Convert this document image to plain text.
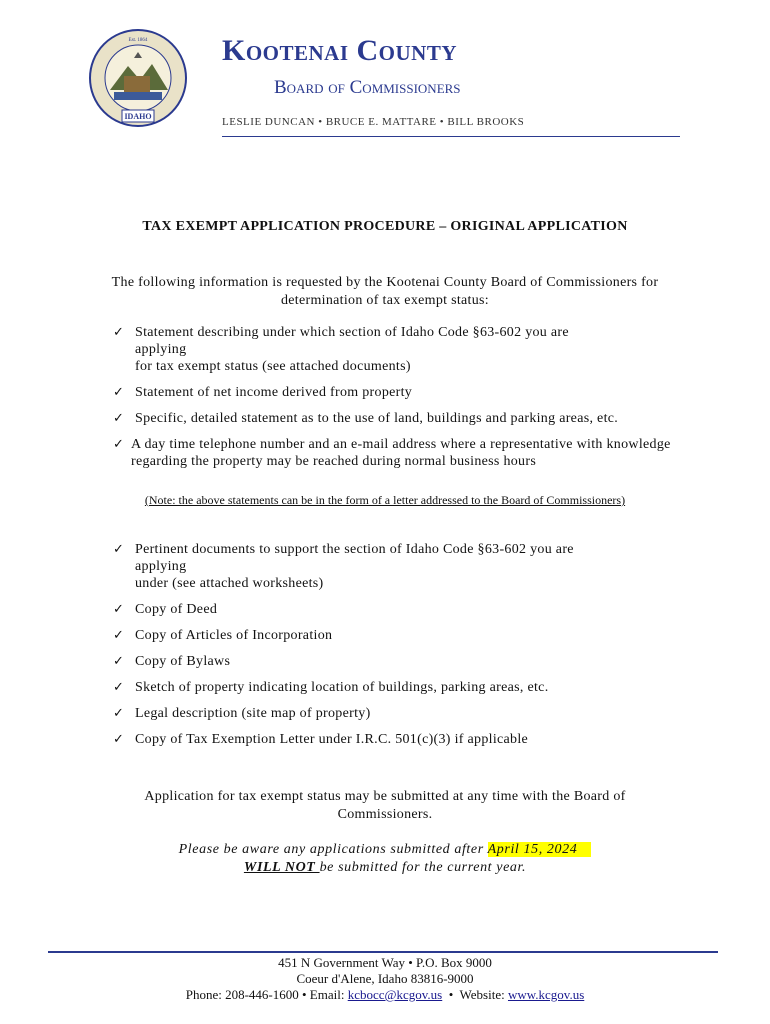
IDAHO
Est. 1864 Kootenai County
Board of Commissioners
LESLIE DUNCAN • BRUCE E. MATTARE • BILL BROOKS
TAX EXEMPT APPLICATION PROCEDURE – ORIGINAL APPLICATION
The following information is requested by the Kootenai County Board of Commissioners for determination of tax exempt status:
✓ Statement describing under which section of Idaho Code §63-602 you are
applying
for tax exempt status (see attached documents)
✓ Statement of net income derived from property
✓ Specific, detailed statement as to the use of land, buildings and parking areas, etc.
✓ A day time telephone number and an e-mail address where a representative with knowledge regarding the property may be reached during normal business hours
(Note: the above statements can be in the form of a letter addressed to the Board of Commissioners)
✓ Pertinent documents to support the section of Idaho Code §63-602 you are
applying
under (see attached worksheets)
✓ Copy of Deed
✓ Copy of Articles of Incorporation
✓ Copy of Bylaws
✓ Sketch of property indicating location of buildings, parking areas, etc.
✓ Legal description (site map of property)
✓ Copy of Tax Exemption Letter under I.R.C. 501(c)(3) if applicable
Application for tax exempt status may be submitted at any time with the Board of Commissioners.
Please be aware any applications submitted after April 15, 2024
WILL NOT be submitted for the current year.
451 N Government Way • P.O. Box 9000
Coeur d'Alene, Idaho 83816-9000
Phone: 208-446-1600 • Email: kcbocc@kcgov.us  •  Website: www.kcgov.us
